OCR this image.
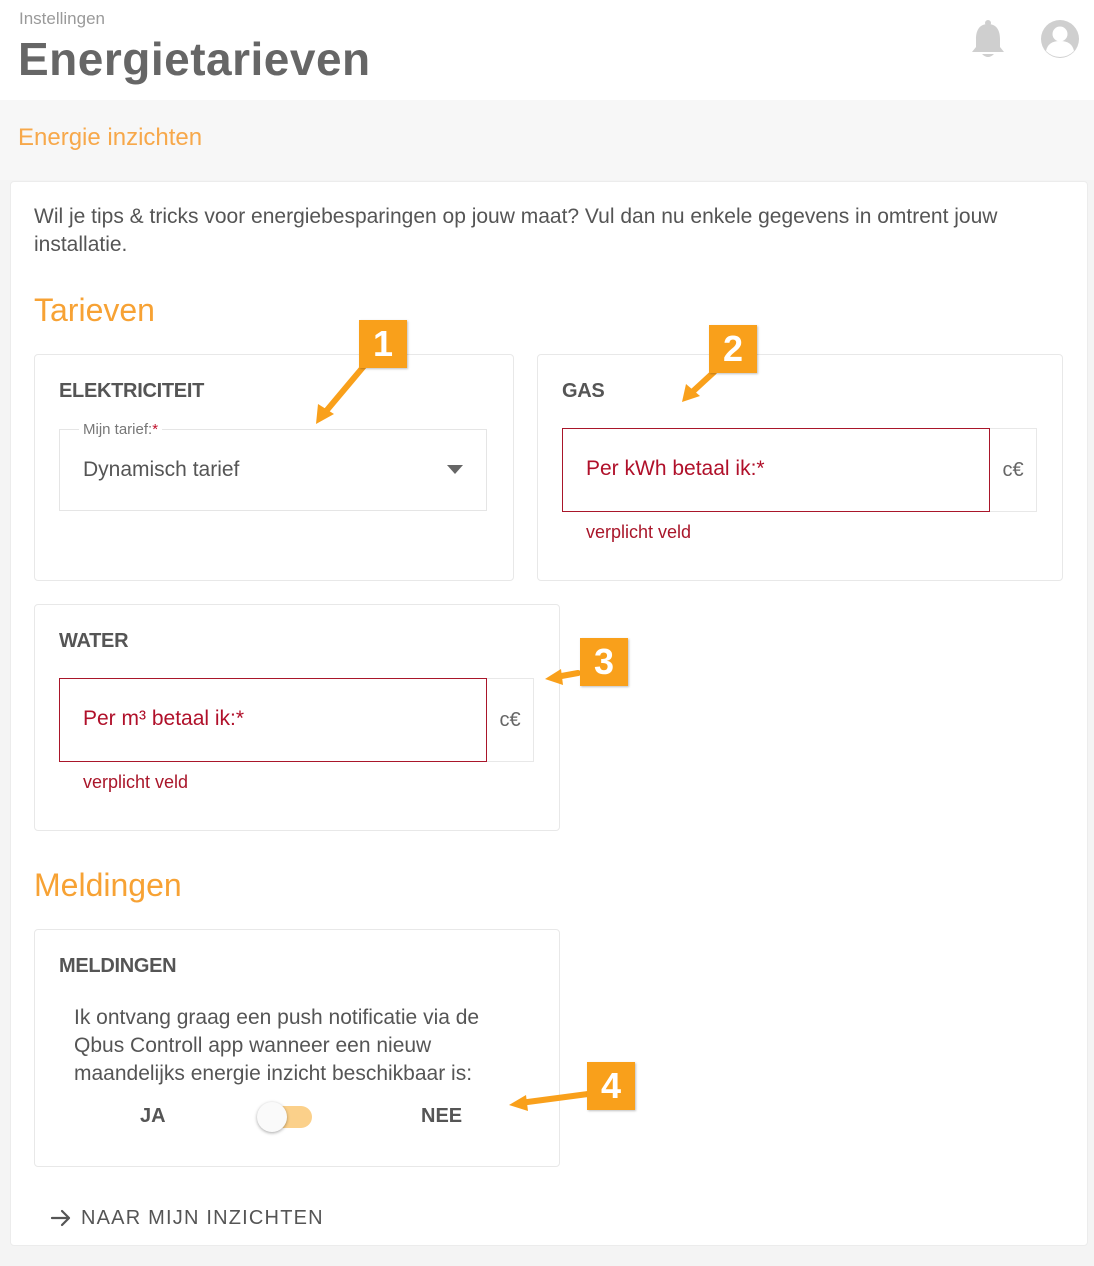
Instellingen
Energietarieven
Energie inzichten
Wil je tips & tricks voor energiebesparingen op jouw maat? Vul dan nu enkele gegevens in omtrent jouw installatie.
Tarieven
ELEKTRICITEIT
Mijn tarief:*
Dynamisch tarief
GAS
Per kWh betaal ik:*	c€
verplicht veld
WATER
Per m³ betaal ik:*	c€
verplicht veld
Meldingen
MELDINGEN
Ik ontvang graag een push notificatie via de Qbus Controll app wanneer een nieuw maandelijks energie inzicht beschikbaar is:
JA	NEE
NAAR MIJN INZICHTEN
1	2
3
4
